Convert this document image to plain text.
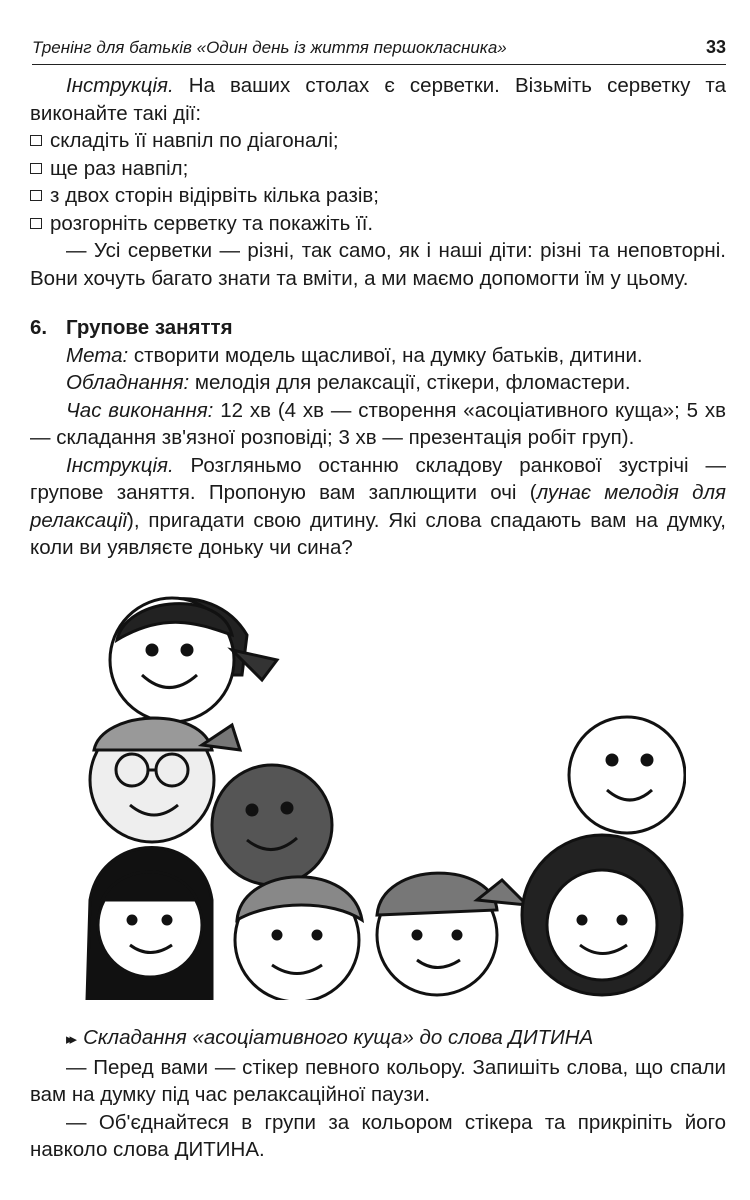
Тренінг для батьків «Один день із життя першокласника»	33

Інструкція. На ваших столах є серветки. Візьміть серветку та виконайте такі дії:

складіть її навпіл по діагоналі;

ще раз навпіл;

з двох сторін відірвіть кілька разів;

розгорніть серветку та покажіть її.

— Усі серветки — різні, так само, як і наші діти: різні та неповторні. Вони хочуть багато знати та вміти, а ми маємо допомогти їм у цьому.

6. Групове заняття

Мета: створити модель щасливої, на думку батьків, дитини.

Обладнання: мелодія для релаксації, стікери, фломастери.

Час виконання: 12 хв (4 хв — створення «асоціативного куща»; 5 хв — складання зв'язної розповіді; 3 хв — презентація робіт груп).

Інструкція. Розгляньмо останню складову ранкової зустрічі — групове заняття. Пропоную вам заплющити очі (лунає мелодія для релаксації), пригадати свою дитину. Які слова спадають вам на думку, коли ви уявляєте доньку чи сина?

▸▸ Складання «асоціативного куща» до слова ДИТИНА

— Перед вами — стікер певного кольору. Запишіть слова, що спали вам на думку під час релаксаційної паузи.

— Об'єднайтеся в групи за кольором стікера та прикріпіть його навколо слова ДИТИНА.
